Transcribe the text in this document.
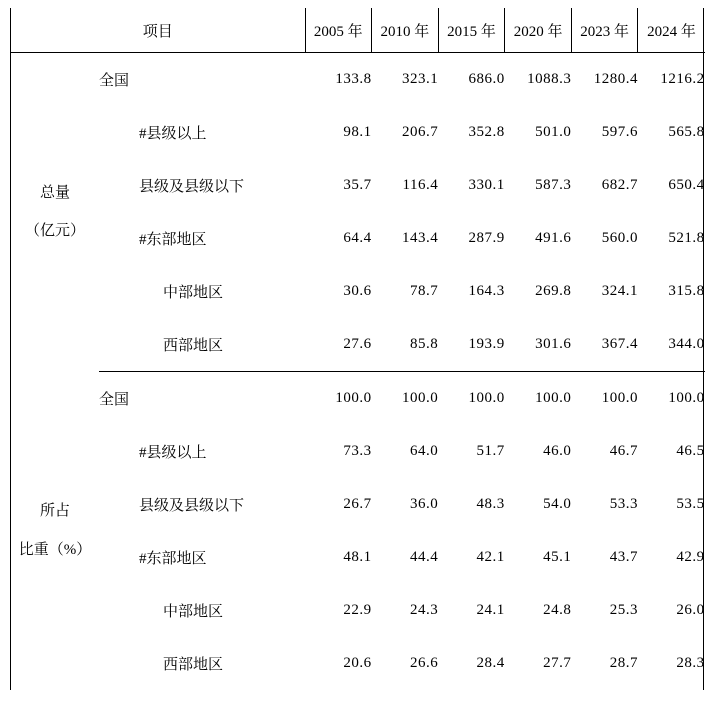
项目		2005 年	2010 年	2015 年	2020 年	2023 年	2024 年

总量
（亿元）	全国	133.8	323.1	686.0	1088.3	1280.4	1216.2
	#县级以上	98.1	206.7	352.8	501.0	597.6	565.8
	县级及县级以下	35.7	116.4	330.1	587.3	682.7	650.4
	#东部地区	64.4	143.4	287.9	491.6	560.0	521.8
	中部地区	30.6	78.7	164.3	269.8	324.1	315.8
	西部地区	27.6	85.8	193.9	301.6	367.4	344.0

所占
比重（%）	全国	100.0	100.0	100.0	100.0	100.0	100.0
	#县级以上	73.3	64.0	51.7	46.0	46.7	46.5
	县级及县级以下	26.7	36.0	48.3	54.0	53.3	53.5
	#东部地区	48.1	44.4	42.1	45.1	43.7	42.9
	中部地区	22.9	24.3	24.1	24.8	25.3	26.0
	西部地区	20.6	26.6	28.4	27.7	28.7	28.3
